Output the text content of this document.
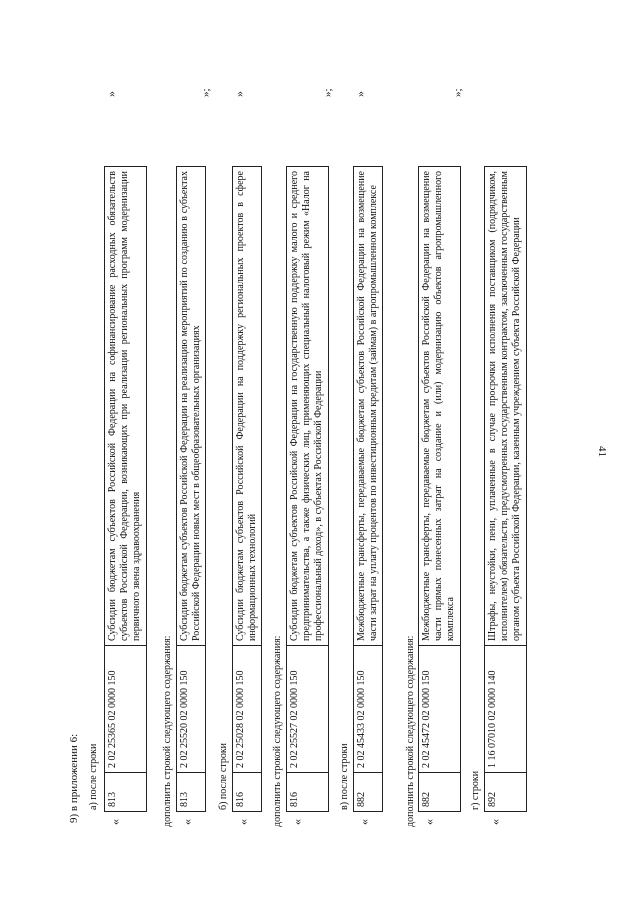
41
9) в приложении 6: а) после строки
«
813	2 02 25365 02 0000 150	Субсидии бюджетам субъектов Российской Федерации на софинансирование расходных обязательств субъектов Российской Федерации, возникающих при реализации региональных программ модернизации первичного звена здравоохранения
»
дополнить строкой следующего содержания: «
813	2 02 25520 02 0000 150	Субсидии бюджетам субъектов Российской Федерации на реализацию мероприятий по созданию в субъектах Российской Федерации новых мест в общеобразовательных организациях
»;
б) после строки
«
816	2 02 25028 02 0000 150	Субсидии бюджетам субъектов Российской Федерации на поддержку региональных проектов в сфере информационных технологий
»
дополнить строкой следующего содержания: «
816	2 02 25527 02 0000 150	Субсидии бюджетам субъектов Российской Федерации на государственную поддержку малого и среднего предпринимательства, а также физических лиц, применяющих специальный налоговый режим «Налог на профессиональный доход», в субъектах Российской Федерации
»;
в) после строки
«
882	2 02 45433 02 0000 150	Межбюджетные трансферты, передаваемые бюджетам субъектов Российской Федерации на возмещение части затрат на уплату процентов по инвестиционным кредитам (займам) в агропромышленном комплексе
»
дополнить строкой следующего содержания: «
882	2 02 45472 02 0000 150	Межбюджетные трансферты, передаваемые бюджетам субъектов Российской Федерации на возмещение части прямых понесенных затрат на создание и (или) модернизацию объектов агропромышленного комплекса
»;
г) строки
«
892	1 16 07010 02 0000 140	Штрафы, неустойки, пени, уплаченные в случае просрочки исполнения поставщиком (подрядчиком, исполнителем) обязательств, предусмотренных государственным контрактом, заключенным государственным органом субъекта Российской Федерации, казенным учреждением субъекта Российской Федерации
